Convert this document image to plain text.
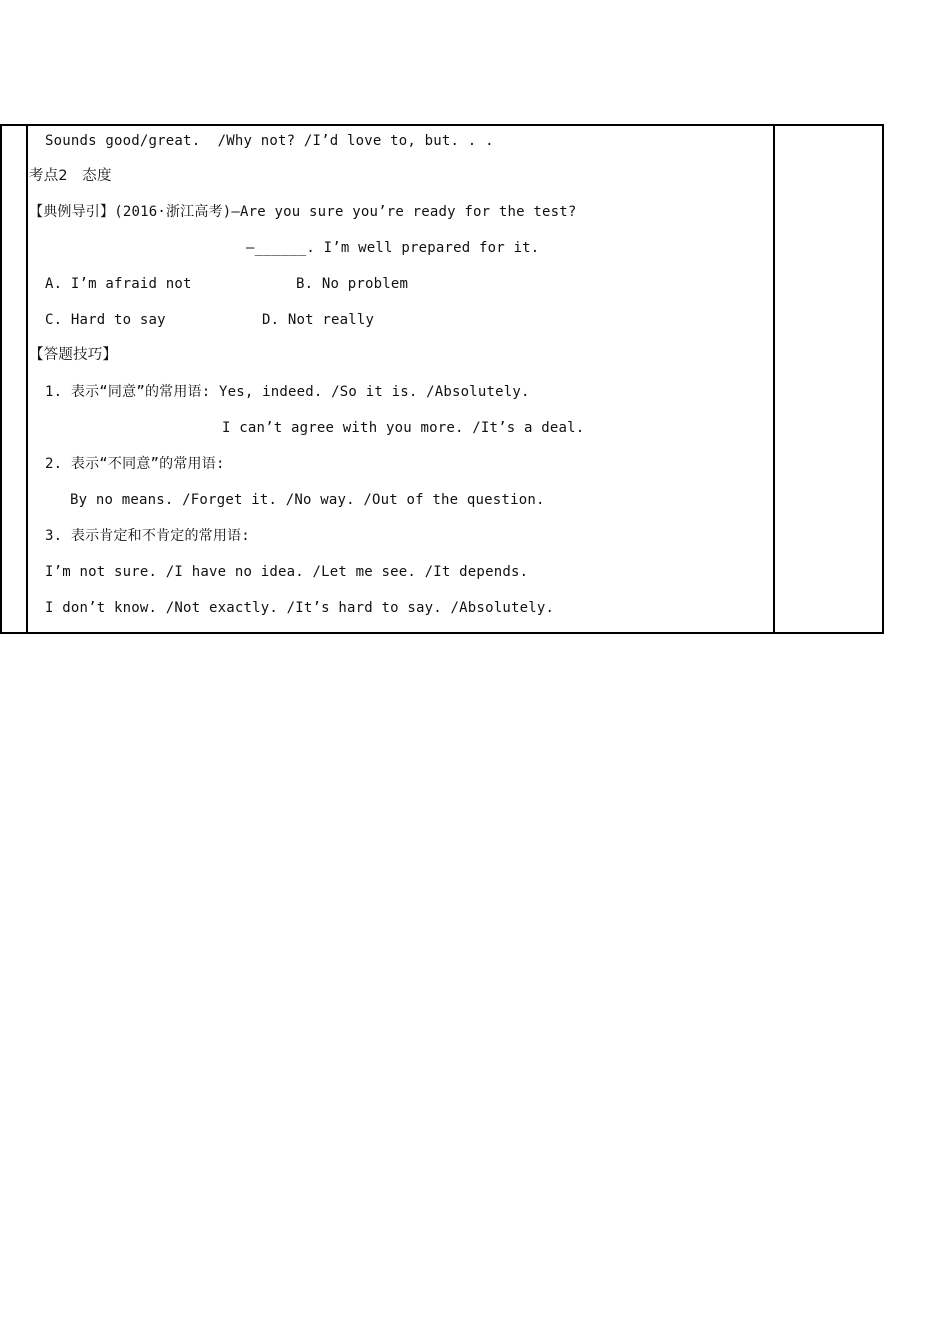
Sounds good/great.  /Why not? /I’d love to, but. . .
考点2   态度
【典例导引】(2016·浙江高考)—Are you sure you’re ready for the test?
—______. I’m well prepared for it.
A. I’m afraid not	B. No problem
C. Hard to say	D. Not really
【答题技巧】
1. 表示“同意”的常用语: Yes, indeed. /So it is. /Absolutely.
I can’t agree with you more. /It’s a deal.
2. 表示“不同意”的常用语:
By no means. /Forget it. /No way. /Out of the question.
3. 表示肯定和不肯定的常用语:
I’m not sure. /I have no idea. /Let me see. /It depends.
I don’t know. /Not exactly. /It’s hard to say. /Absolutely.
